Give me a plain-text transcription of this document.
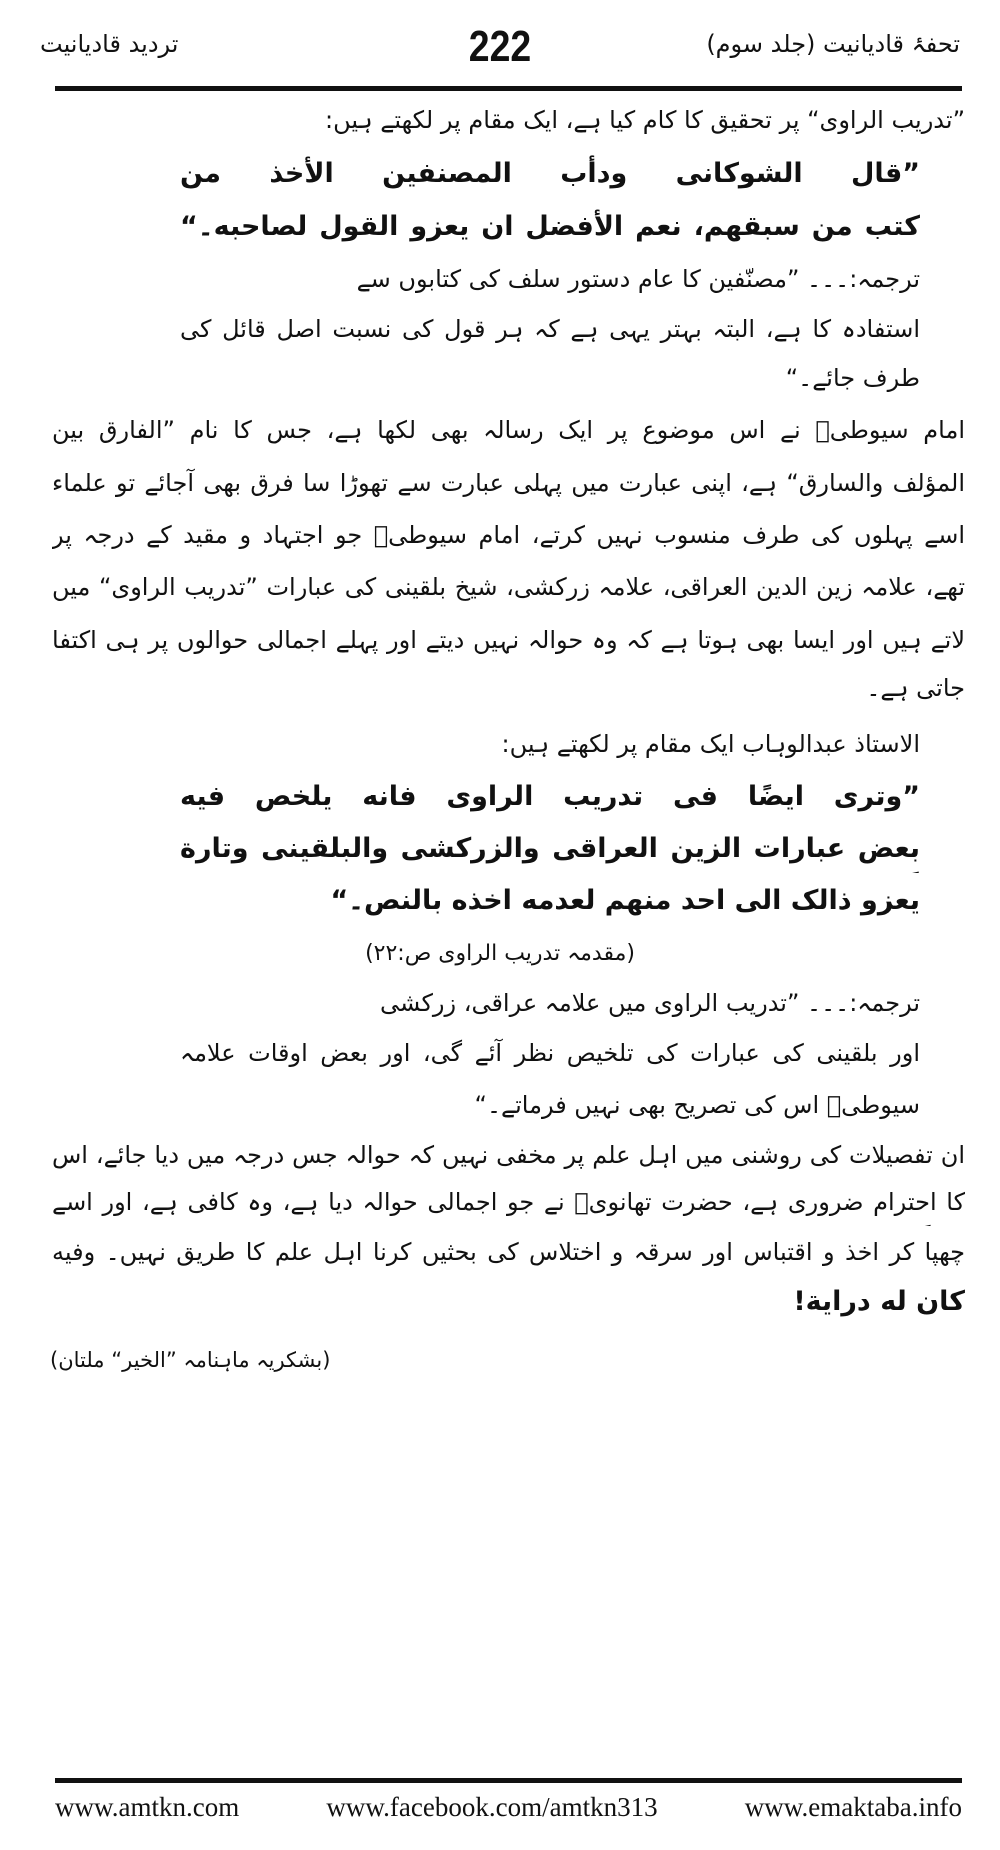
تحفۂ قادیانیت (جلد سوم)
222
تردید قادیانیت
”تدریب الراوی“ پر تحقیق کا کام کیا ہے، ایک مقام پر لکھتے ہیں:
”قال الشوکانی ودأب المصنفین الأخذ من
کتب من سبقهم، نعم الأفضل ان یعزو القول لصاحبه۔“
ترجمہ:۔۔۔ ”مصنّفین کا عام دستور سلف کی کتابوں سے
استفادہ کا ہے، البتہ بہتر یہی ہے کہ ہر قول کی نسبت اصل قائل کی
طرف جائے۔“
امام سیوطیؒ نے اس موضوع پر ایک رسالہ بھی لکھا ہے، جس کا نام ”الفارق بین
المؤلف والسارق“ ہے، اپنی عبارت میں پہلی عبارت سے تھوڑا سا فرق بھی آجائے تو علماء
اسے پہلوں کی طرف منسوب نہیں کرتے، امام سیوطیؒ جو اجتہاد و مقید کے درجہ پر
تھے، علامہ زین الدین العراقی، علامہ زرکشی، شیخ بلقینی کی عبارات ”تدریب الراوی“ میں
لاتے ہیں اور ایسا بھی ہوتا ہے کہ وہ حوالہ نہیں دیتے اور پہلے اجمالی حوالوں پر ہی اکتفا
جاتی ہے۔
الاستاذ عبدالوہاب ایک مقام پر لکھتے ہیں:
”وتری ایضًا فی تدریب الراوی فانه یلخص فیه
بعض عبارات الزین العراقی والزرکشی والبلقینی وتارة
یعزو ذالک الی احد منهم لعدمه اخذه بالنص۔“
(مقدمہ تدریب الراوی ص:۲۲)
ترجمہ:۔۔۔ ”تدریب الراوی میں علامہ عراقی، زرکشی
اور بلقینی کی عبارات کی تلخیص نظر آئے گی، اور بعض اوقات علامہ
سیوطیؒ اس کی تصریح بھی نہیں فرماتے۔“
ان تفصیلات کی روشنی میں اہل علم پر مخفی نہیں کہ حوالہ جس درجہ میں دیا جائے، اس
کا احترام ضروری ہے، حضرت تھانویؒ نے جو اجمالی حوالہ دیا ہے، وہ کافی ہے، اور اسے
چھپا کر اخذ و اقتباس اور سرقہ و اختلاس کی بحثیں کرنا اہل علم کا طریق نہیں۔ وفیه
کان له درایة!
(بشکریہ ماہنامہ ”الخیر“ ملتان)
www.amtkn.com	www.facebook.com/amtkn313	www.emaktaba.info
